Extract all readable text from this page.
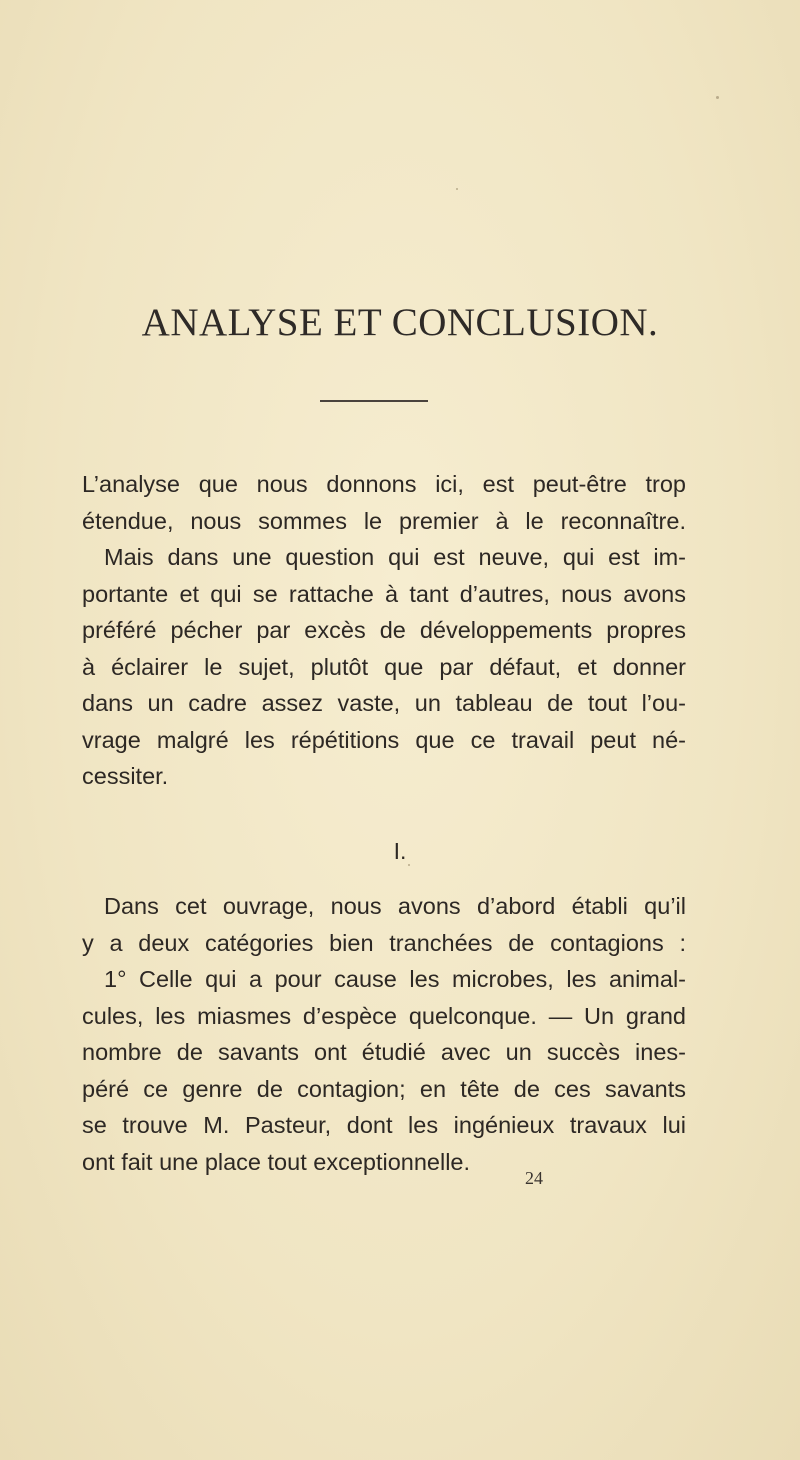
ANALYSE ET CONCLUSION.
L’analyse que nous donnons ici, est peut-être trop
étendue, nous sommes le premier à le reconnaître.
Mais dans une question qui est neuve, qui est im-
portante et qui se rattache à tant d’autres, nous avons
préféré pécher par excès de développements propres
à éclairer le sujet, plutôt que par défaut, et donner
dans un cadre assez vaste, un tableau de tout l’ou-
vrage malgré les répétitions que ce travail peut né-
cessiter.
I.
Dans cet ouvrage, nous avons d’abord établi qu’il
y a deux catégories bien tranchées de contagions :
1° Celle qui a pour cause les microbes, les animal-
cules, les miasmes d’espèce quelconque. — Un grand
nombre de savants ont étudié avec un succès ines-
péré ce genre de contagion; en tête de ces savants
se trouve M. Pasteur, dont les ingénieux travaux lui
ont fait une place tout exceptionnelle.
24
